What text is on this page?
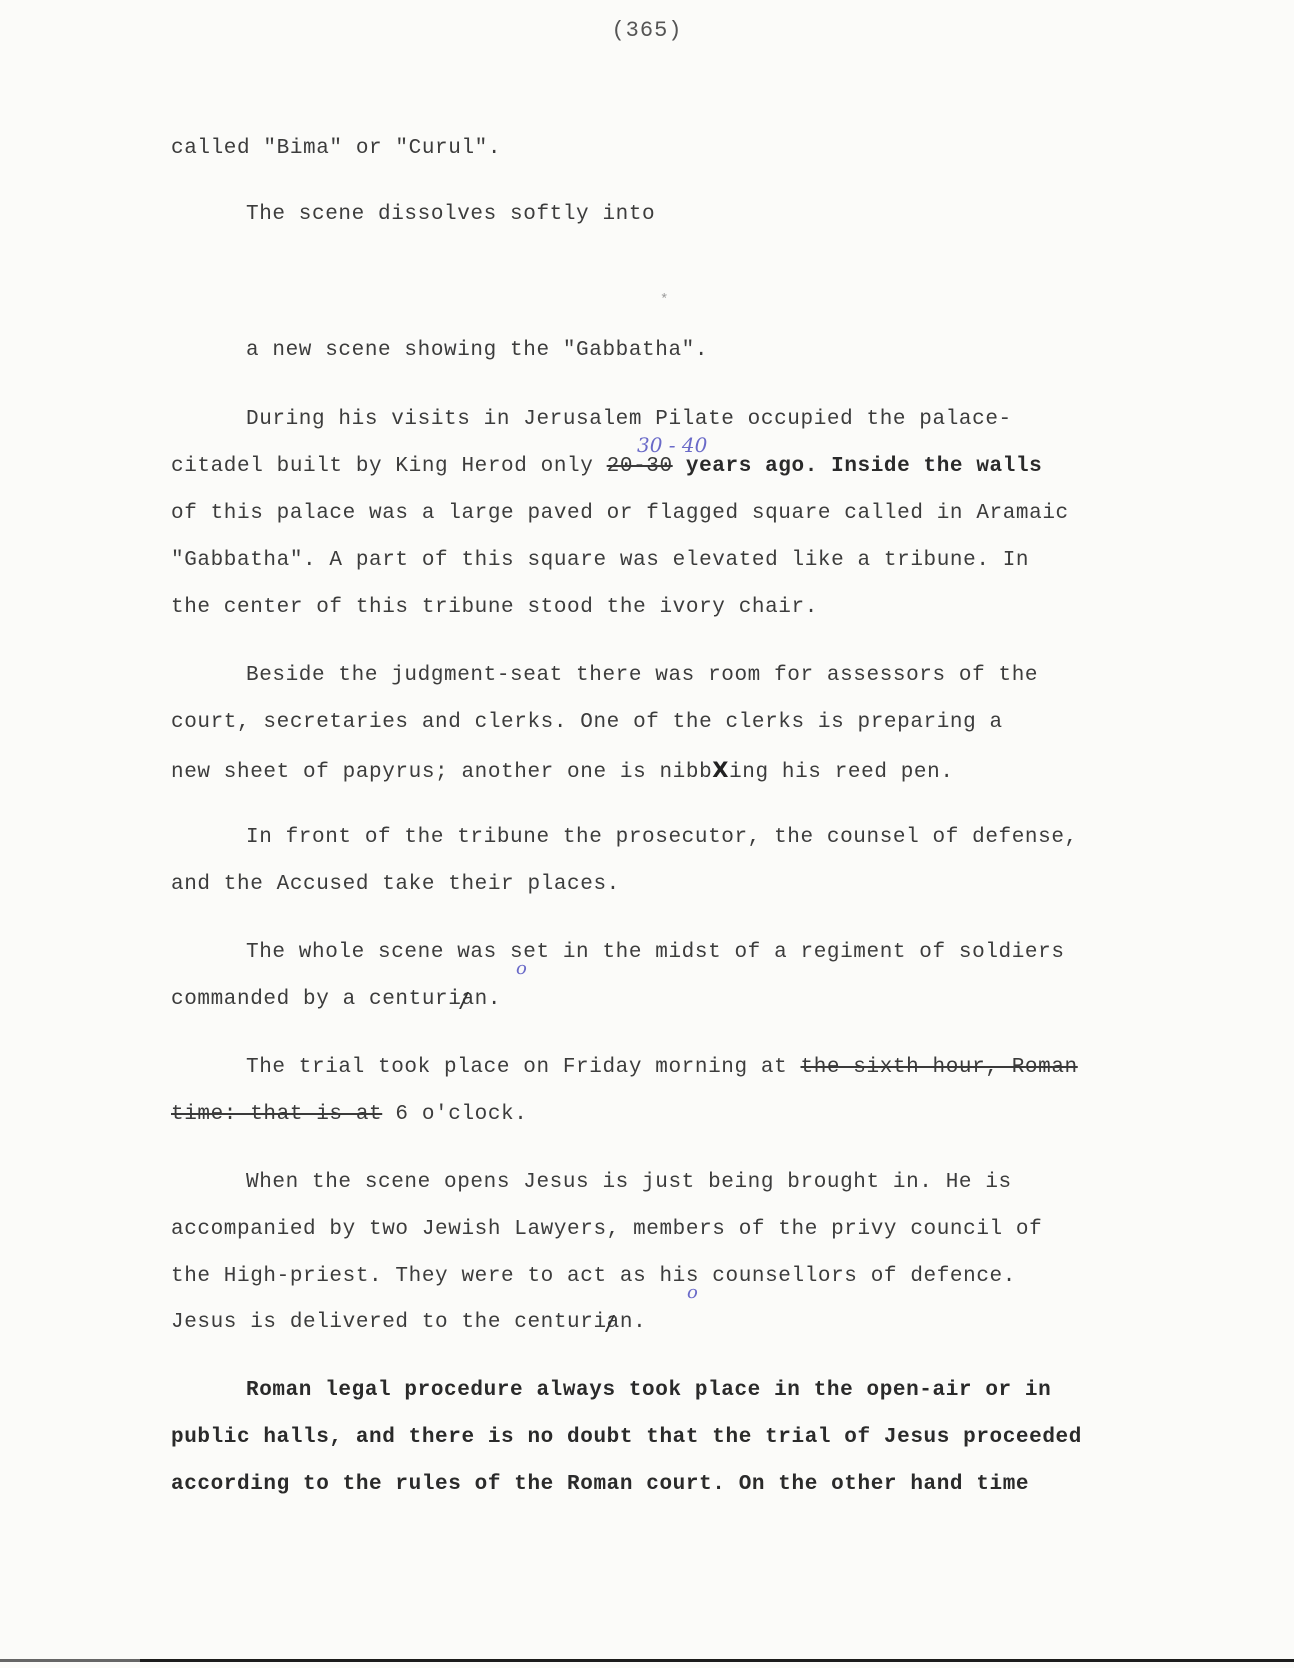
(365)
called "Bima" or "Curul".
The scene dissolves softly into
*
a new scene showing the "Gabbatha".
During his visits in Jerusalem Pilate occupied the palace-
30 - 40
citadel built by King Herod only 20-30 years ago. Inside the walls
of this palace was a large paved or flagged square called in Aramaic
"Gabbatha". A part of this square was elevated like a tribune. In
the center of this tribune stood the ivory chair.
Beside the judgment-seat there was room for assessors of the
court, secretaries and clerks. One of the clerks is preparing a
new sheet of papyrus; another one is nibbXing his reed pen.
In front of the tribune the prosecutor, the counsel of defense,
and the Accused take their places.
The whole scene was set in the midst of a regiment of soldiers
o
commanded by a centurian.
The trial took place on Friday morning at the sixth hour, Roman
time: that is at 6 o'clock.
When the scene opens Jesus is just being brought in. He is
accompanied by two Jewish Lawyers, members of the privy council of
the High-priest. They were to act as his counsellors of defence.
o
Jesus is delivered to the centurian.
Roman legal procedure always took place in the open-air or in
public halls, and there is no doubt that the trial of Jesus proceeded
according to the rules of the Roman court. On the other hand time
